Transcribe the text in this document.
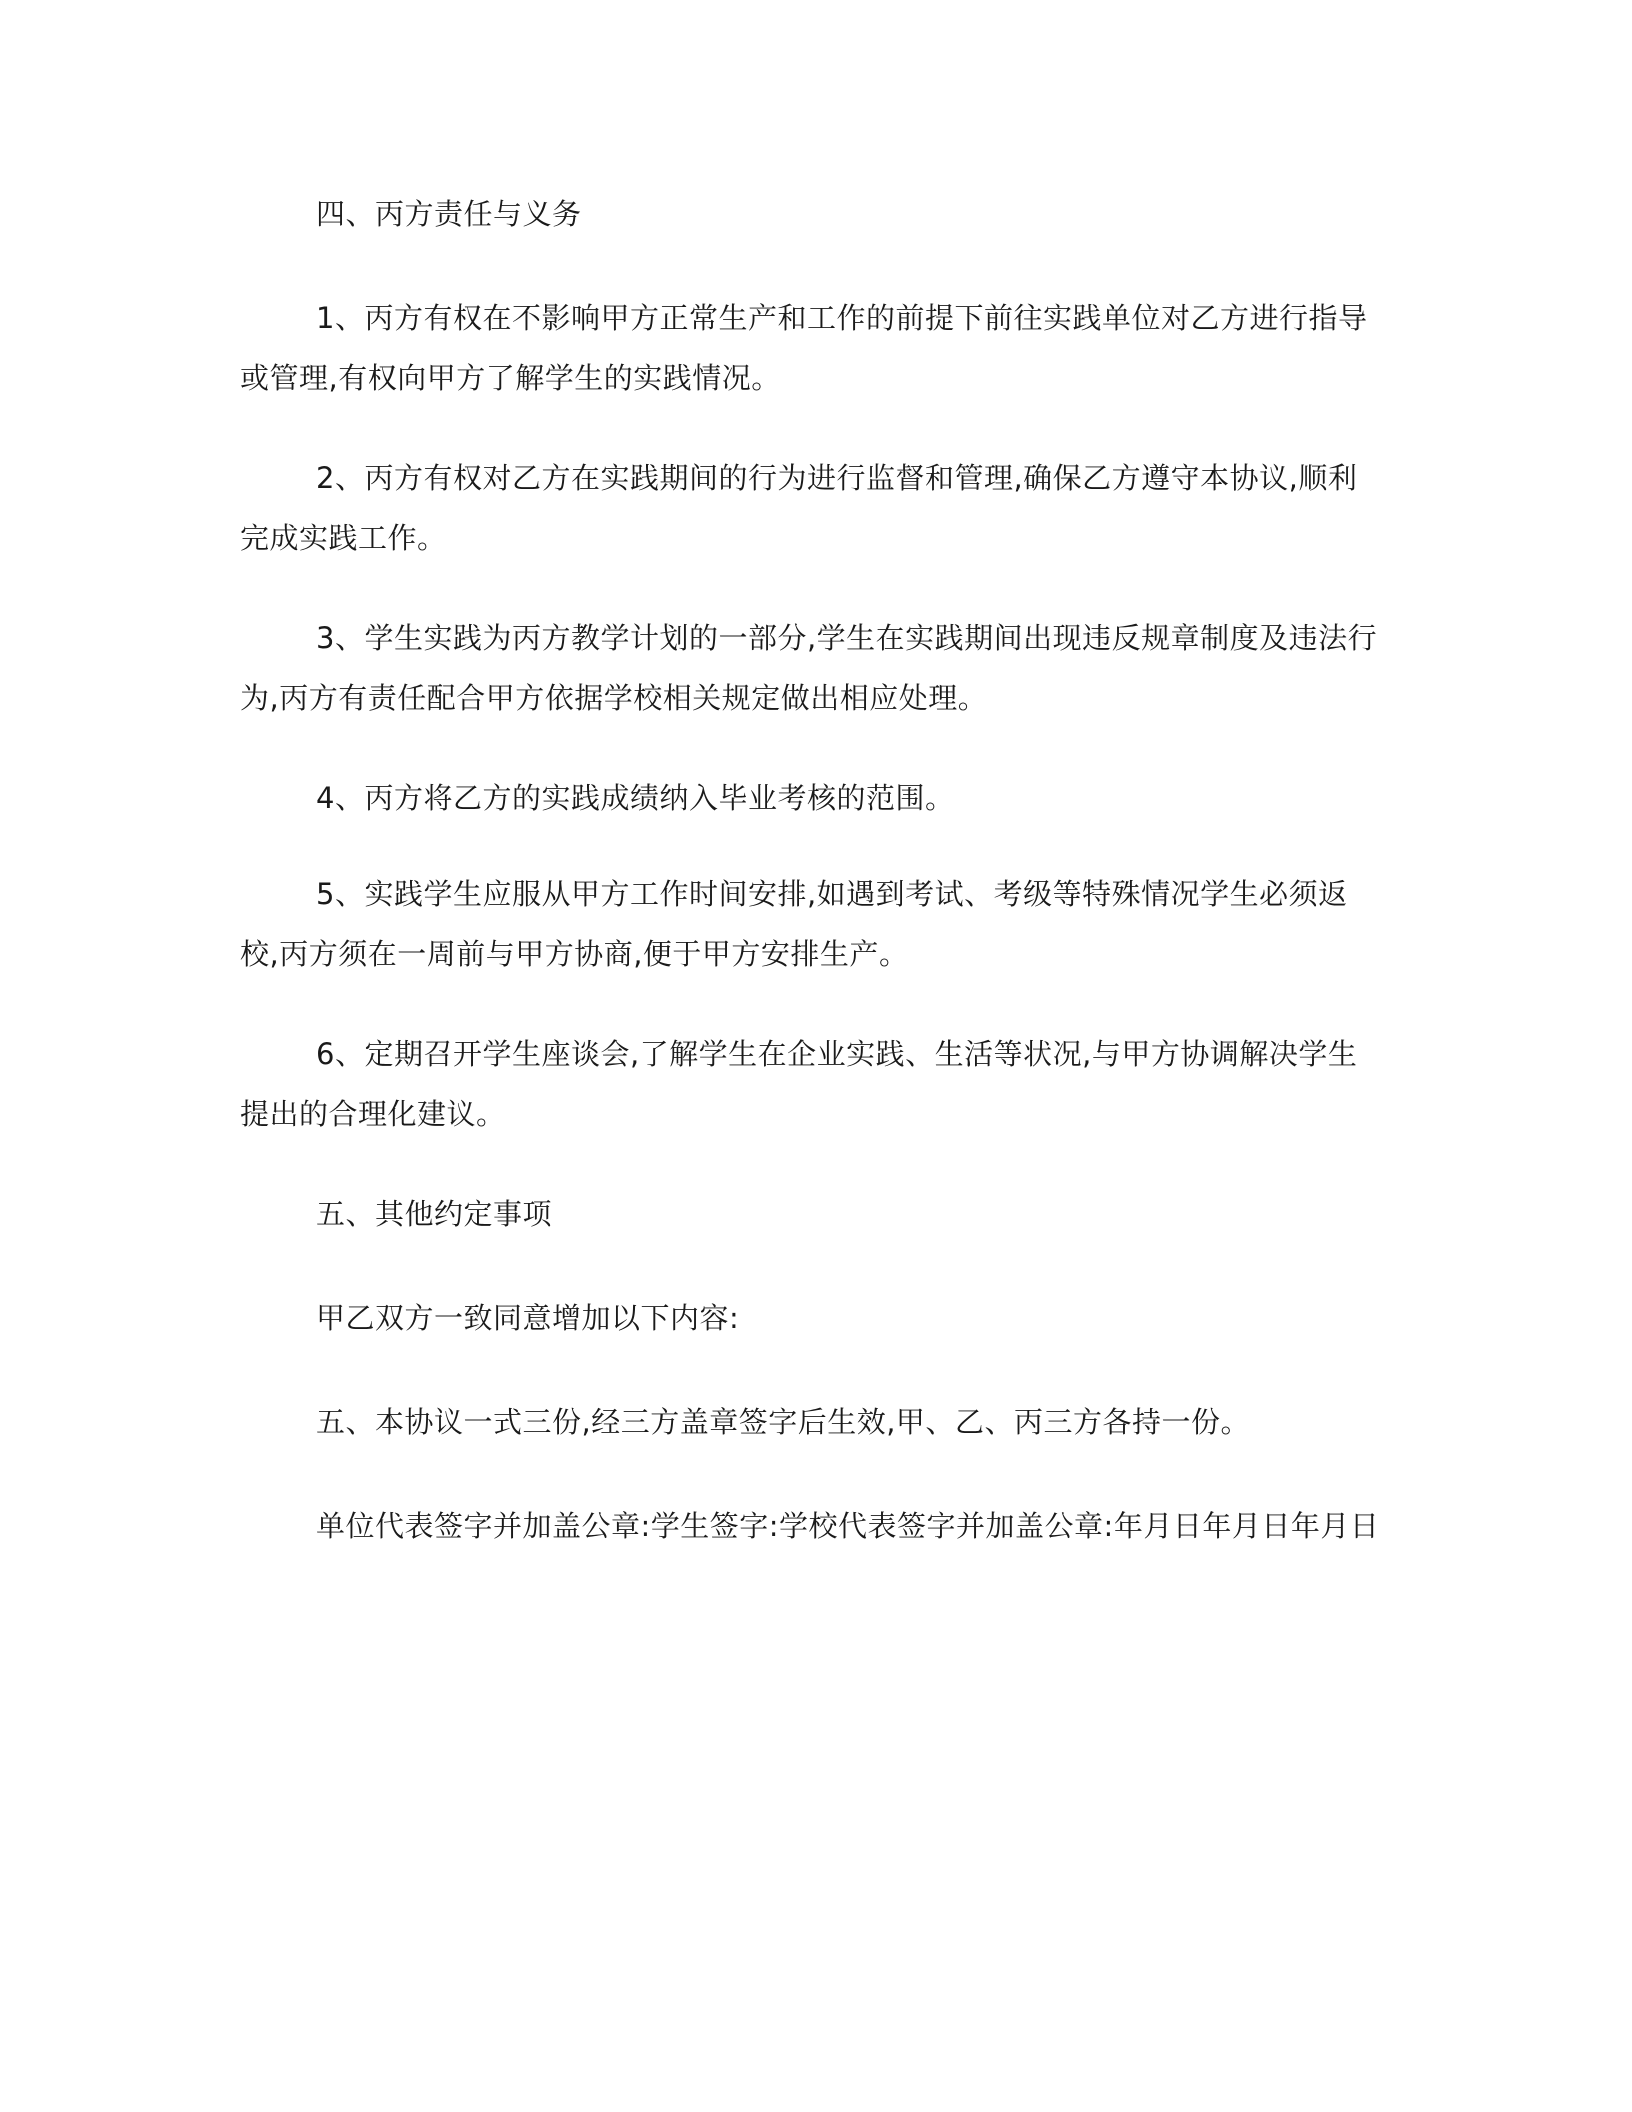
四、丙方责任与义务

1、丙方有权在不影响甲方正常生产和工作的前提下前往实践单位对乙方进行指导或管理,有权向甲方了解学生的实践情况。

2、丙方有权对乙方在实践期间的行为进行监督和管理,确保乙方遵守本协议,顺利完成实践工作。

3、学生实践为丙方教学计划的一部分,学生在实践期间出现违反规章制度及违法行为,丙方有责任配合甲方依据学校相关规定做出相应处理。

4、丙方将乙方的实践成绩纳入毕业考核的范围。

5、实践学生应服从甲方工作时间安排,如遇到考试、考级等特殊情况学生必须返校,丙方须在一周前与甲方协商,便于甲方安排生产。

6、定期召开学生座谈会,了解学生在企业实践、生活等状况,与甲方协调解决学生提出的合理化建议。

五、其他约定事项

甲乙双方一致同意增加以下内容:

五、本协议一式三份,经三方盖章签字后生效,甲、乙、丙三方各持一份。

单位代表签字并加盖公章:学生签字:学校代表签字并加盖公章:年月日年月日年月日
